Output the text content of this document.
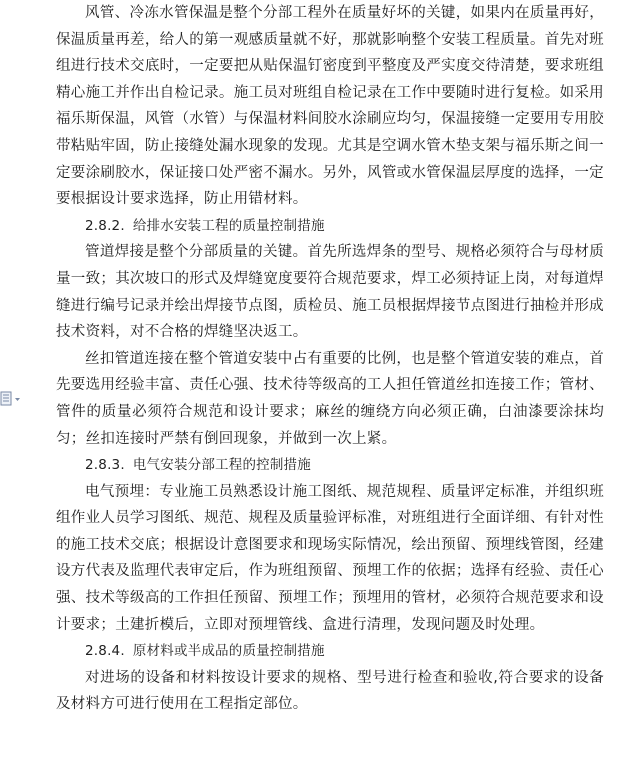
风管、冷冻水管保温是整个分部工程外在质量好坏的关键，如果内在质量再好，保温质量再差，给人的第一观感质量就不好，那就影响整个安装工程质量。首先对班组进行技术交底时，一定要把从贴保温钉密度到平整度及严实度交待清楚，要求班组精心施工并作出自检记录。施工员对班组自检记录在工作中要随时进行复检。如采用福乐斯保温，风管（水管）与保温材料间胶水涂刷应均匀，保温接缝一定要用专用胶带粘贴牢固，防止接缝处漏水现象的发现。尤其是空调水管木垫支架与福乐斯之间一定要涂刷胶水，保证接口处严密不漏水。另外，风管或水管保温层厚度的选择，一定要根据设计要求选择，防止用错材料。

2.8.2. 给排水安装工程的质量控制措施

管道焊接是整个分部质量的关键。首先所选焊条的型号、规格必须符合与母材质量一致；其次坡口的形式及焊缝宽度要符合规范要求，焊工必须持证上岗，对每道焊缝进行编号记录并绘出焊接节点图，质检员、施工员根据焊接节点图进行抽检并形成技术资料，对不合格的焊缝坚决返工。

丝扣管道连接在整个管道安装中占有重要的比例，也是整个管道安装的难点，首先要选用经验丰富、责任心强、技术待等级高的工人担任管道丝扣连接工作；管材、管件的质量必须符合规范和设计要求；麻丝的缠绕方向必须正确，白油漆要涂抹均匀；丝扣连接时严禁有倒回现象，并做到一次上紧。

2.8.3. 电气安装分部工程的控制措施

电气预埋：专业施工员熟悉设计施工图纸、规范规程、质量评定标准，并组织班组作业人员学习图纸、规范、规程及质量验评标准，对班组进行全面详细、有针对性的施工技术交底；根据设计意图要求和现场实际情况，绘出预留、预埋线管图，经建设方代表及监理代表审定后，作为班组预留、预埋工作的依据；选择有经验、责任心强、技术等级高的工作担任预留、预埋工作；预埋用的管材，必须符合规范要求和设计要求；土建折模后，立即对预埋管线、盒进行清理，发现问题及时处理。

2.8.4. 原材料或半成品的质量控制措施

对进场的设备和材料按设计要求的规格、型号进行检查和验收,符合要求的设备及材料方可进行使用在工程指定部位。
